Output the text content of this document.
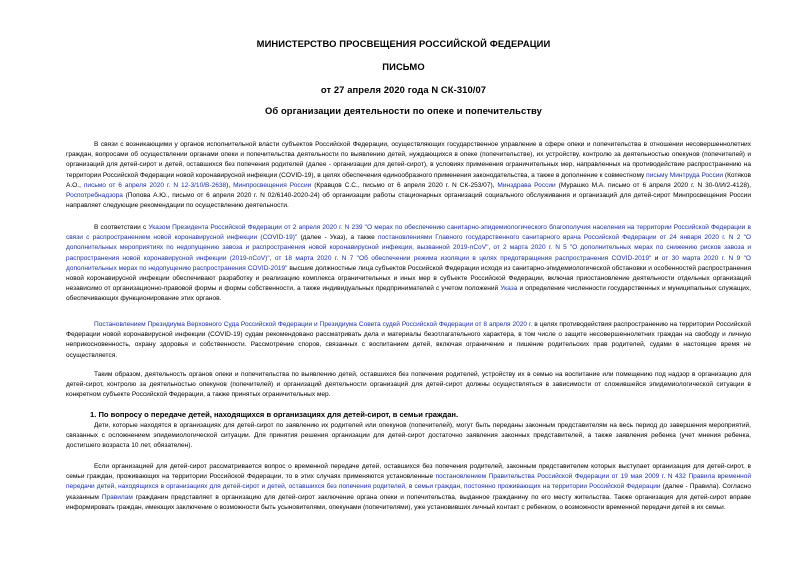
МИНИСТЕРСТВО ПРОСВЕЩЕНИЯ РОССИЙСКОЙ ФЕДЕРАЦИИ
ПИСЬМО
от 27 апреля 2020 года N СК-310/07
Об организации деятельности по опеке и попечительству

В связи с возникающими у органов исполнительной власти субъектов Российской Федерации, осуществляющих государственное управление в сфере опеки и попечительства в отношении несовершеннолетних граждан, вопросами об осуществлении органами опеки и попечительства деятельности по выявлению детей, нуждающихся в опеке (попечительстве), их устройству, контролю за деятельностью опекунов (попечителей) и организаций для детей-сирот и детей, оставшихся без попечения родителей (далее - организации для детей-сирот), в условиях применения ограничительных мер, направленных на противодействие распространению на территории Российской Федерации новой коронавирусной инфекции (COVID-19), в целях обеспечения единообразного применения законодательства, а также в дополнение к совместному письму Минтруда России (Котяков А.О., письмо от 6 апреля 2020 г. N 12-3/10/В-2638), Минпросвещения России (Кравцов С.С., письмо от 6 апреля 2020 г. N СК-253/07), Минздрава России (Мурашко М.А. письмо от 6 апреля 2020 г. N 30-0/И/2-4128), Роспотребнадзора (Попова А.Ю., письмо от 6 апреля 2020 г. N 02/6140-2020-24) об организации работы стационарных организаций социального обслуживания и организаций для детей-сирот Минпросвещения России направляет следующие рекомендации по осуществлению деятельности.

В соответствии с Указом Президента Российской Федерации от 2 апреля 2020 г. N 239 "О мерах по обеспечению санитарно-эпидемиологического благополучия населения на территории Российской Федерации в связи с распространением новой коронавирусной инфекции (COVID-19)" (далее - Указ), а также постановлениями Главного государственного санитарного врача Российской Федерации от 24 января 2020 г. N 2 "О дополнительных мероприятиях по недопущению завоза и распространения новой коронавирусной инфекции, вызванной 2019-nCoV", от 2 марта 2020 г. N 5 "О дополнительных мерах по снижению рисков завоза и распространения новой коронавирусной инфекции (2019-nCoV)", от 18 марта 2020 г. N 7 "Об обеспечении режима изоляции в целях предотвращения распространения COVID-2019" и от 30 марта 2020 г. N 9 "О дополнительных мерах по недопущению распространения COVID-2019" высшие должностные лица субъектов Российской Федерации исходя из санитарно-эпидемиологической обстановки и особенностей распространения новой коронавирусной инфекции обеспечивают разработку и реализацию комплекса ограничительных и иных мер в субъекте Российской Федерации, включая приостановление деятельности отдельных организаций независимо от организационно-правовой формы и формы собственности, а также индивидуальных предпринимателей с учетом положений Указа и определение численности государственных и муниципальных служащих, обеспечивающих функционирование этих органов.

Постановлением Президиума Верховного Суда Российской Федерации и Президиума Совета судей Российской Федерации от 8 апреля 2020 г. в целях противодействия распространению на территории Российской Федерации новой коронавирусной инфекции (COVID-19) судам рекомендовано рассматривать дела и материалы безотлагательного характера, в том числе о защите несовершеннолетних граждан на свободу и личную неприкосновенность, охрану здоровья и собственности. Рассмотрение споров, связанных с воспитанием детей, включая ограничение и лишение родительских прав родителей, судами в настоящее время не осуществляется.

Таким образом, деятельность органов опеки и попечительства по выявлению детей, оставшихся без попечения родителей, устройству их в семью на воспитание или помещению под надзор в организацию для детей-сирот, контролю за деятельностью опекунов (попечителей) и организаций деятельности организаций для детей-сирот должны осуществляться в зависимости от сложившейся эпидемиологической ситуации в конкретном субъекте Российской Федерации, а также принятых ограничительных мер.

1. По вопросу о передаче детей, находящихся в организациях для детей-сирот, в семьи граждан.

Дети, которые находятся в организациях для детей-сирот по заявлению их родителей или опекунов (попечителей), могут быть переданы законным представителям на весь период до завершения мероприятий, связанных с осложнением эпидемиологической ситуации. Для принятия решения организации для детей-сирот достаточно заявления законных представителей, а также заявления ребенка (учет мнения ребенка, достигшего возраста 10 лет, обязателен).

Если организацией для детей-сирот рассматривается вопрос о временной передаче детей, оставшихся без попечения родителей, законным представителем которых выступает организация для детей-сирот, в семьи граждан, проживающих на территории Российской Федерации, то в этих случаях применяются установленные постановлением Правительства Российской Федерации от 19 мая 2009 г. N 432 Правила временной передачи детей, находящихся в организациях для детей-сирот и детей, оставшихся без попечения родителей, в семьи граждан, постоянно проживающих на территории Российской Федерации (далее - Правила). Согласно указанным Правилам гражданин представляет в организацию для детей-сирот заключение органа опеки и попечительства, выданное гражданину по его месту жительства. Также организация для детей-сирот вправе информировать граждан, имеющих заключение о возможности быть усыновителями, опекунами (попечителями), уже установивших личный контакт с ребенком, о возможности временной передачи детей в их семьи.
